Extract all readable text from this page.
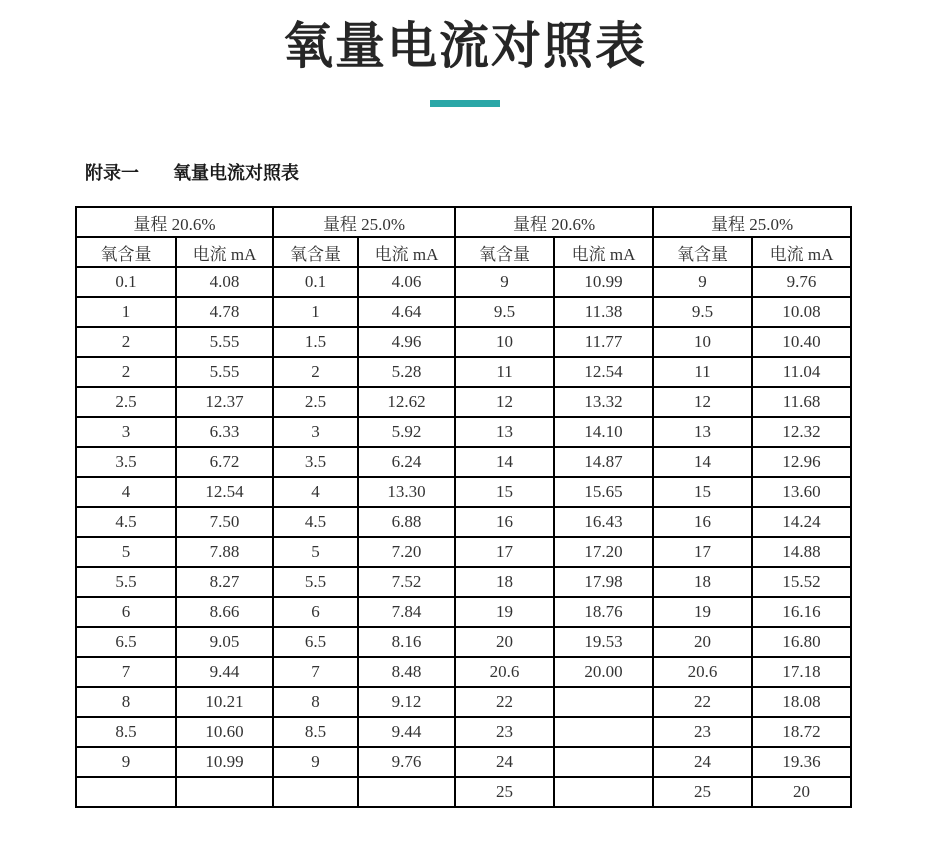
氧量电流对照表
附录一 氧量电流对照表
量程 20.6%		量程 25.0%		量程 20.6%		量程 25.0%	
氧含量	电流 mA	氧含量	电流 mA	氧含量	电流 mA	氧含量	电流 mA
0.1	4.08	0.1	4.06	9	10.99	9	9.76
1	4.78	1	4.64	9.5	11.38	9.5	10.08
2	5.55	1.5	4.96	10	11.77	10	10.40
2	5.55	2	5.28	11	12.54	11	11.04
2.5	12.37	2.5	12.62	12	13.32	12	11.68
3	6.33	3	5.92	13	14.10	13	12.32
3.5	6.72	3.5	6.24	14	14.87	14	12.96
4	12.54	4	13.30	15	15.65	15	13.60
4.5	7.50	4.5	6.88	16	16.43	16	14.24
5	7.88	5	7.20	17	17.20	17	14.88
5.5	8.27	5.5	7.52	18	17.98	18	15.52
6	8.66	6	7.84	19	18.76	19	16.16
6.5	9.05	6.5	8.16	20	19.53	20	16.80
7	9.44	7	8.48	20.6	20.00	20.6	17.18
8	10.21	8	9.12	22		22	18.08
8.5	10.60	8.5	9.44	23		23	18.72
9	10.99	9	9.76	24		24	19.36
				25		25	20
